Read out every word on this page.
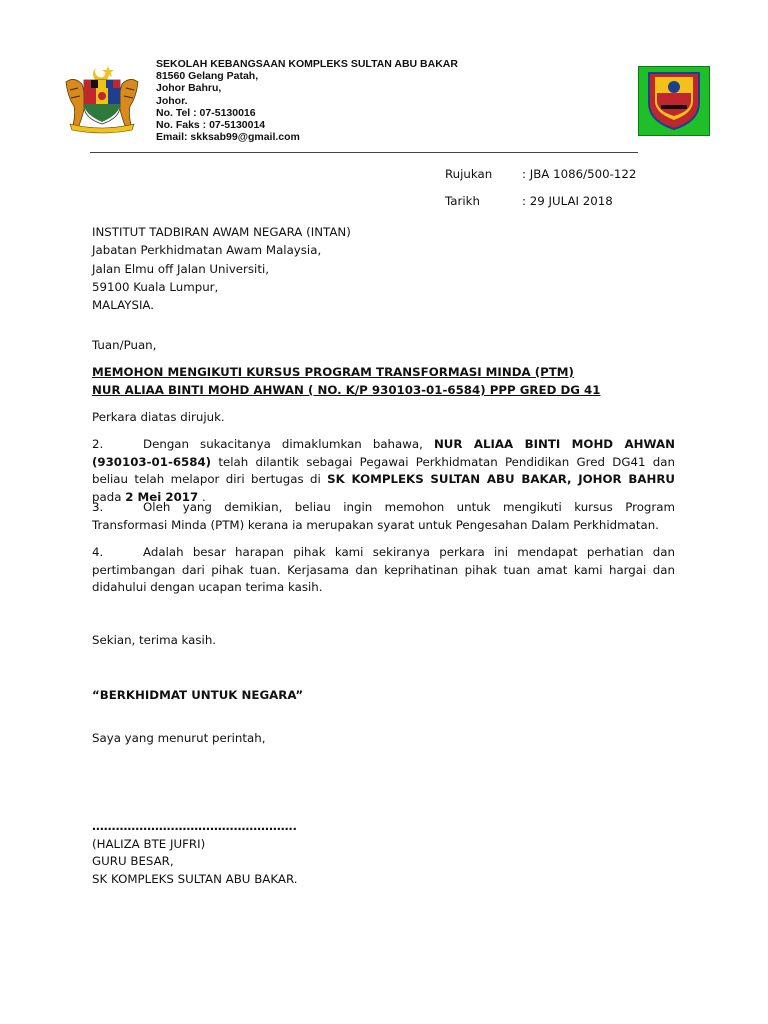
SEKOLAH KEBANGSAAN KOMPLEKS SULTAN ABU BAKAR
81560 Gelang Patah,
Johor Bahru,
Johor.
No. Tel : 07-5130016
No. Faks : 07-5130014
Email: skksab99@gmail.com
Rujukan	: JBA 1086/500-122
Tarikh	: 29 JULAI 2018
INSTITUT TADBIRAN AWAM NEGARA (INTAN)
Jabatan Perkhidmatan Awam Malaysia,
Jalan Elmu off Jalan Universiti,
59100 Kuala Lumpur,
MALAYSIA.
Tuan/Puan,
MEMOHON MENGIKUTI KURSUS PROGRAM TRANSFORMASI MINDA (PTM)
NUR ALIAA BINTI MOHD AHWAN ( NO. K/P 930103-01-6584) PPP GRED DG 41
Perkara diatas dirujuk.
2.	Dengan sukacitanya dimaklumkan bahawa, NUR ALIAA BINTI MOHD AHWAN (930103-01-6584) telah dilantik sebagai Pegawai Perkhidmatan Pendidikan Gred DG41 dan beliau telah melapor diri bertugas di SK KOMPLEKS SULTAN ABU BAKAR, JOHOR BAHRU pada 2 Mei 2017 .
3.	Oleh yang demikian, beliau ingin memohon untuk mengikuti kursus Program Transformasi Minda (PTM) kerana ia merupakan syarat untuk Pengesahan Dalam Perkhidmatan.
4.	Adalah besar harapan pihak kami sekiranya perkara ini mendapat perhatian dan pertimbangan dari pihak tuan. Kerjasama dan keprihatinan pihak tuan amat kami hargai dan didahului dengan ucapan terima kasih.
Sekian, terima kasih.
“BERKHIDMAT UNTUK NEGARA”
Saya yang menurut perintah,
…………………………………………….
(HALIZA BTE JUFRI)
GURU BESAR,
SK KOMPLEKS SULTAN ABU BAKAR.
